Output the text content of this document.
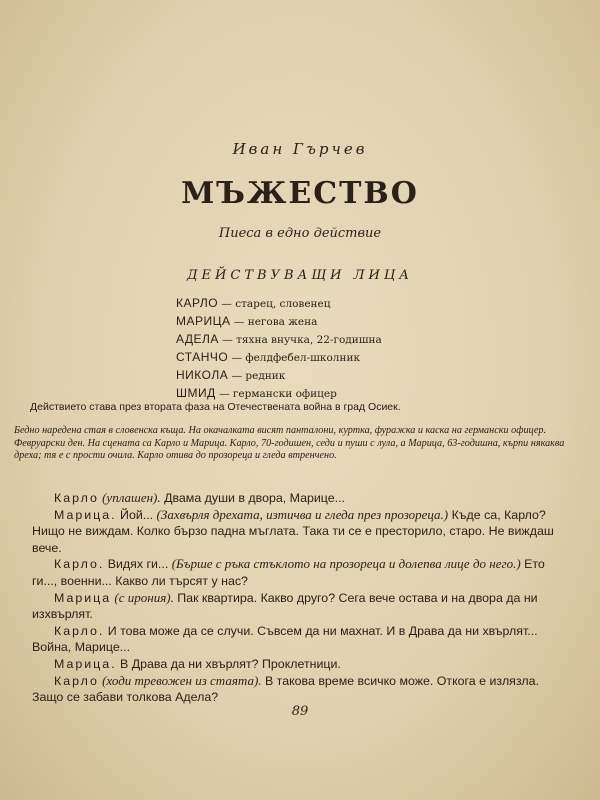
Иван Гърчев
МЪЖЕСТВО
Пиеса в едно действие
ДЕЙСТВУВАЩИ ЛИЦА
КАРЛО — старец, словенец
МАРИЦА — негова жена
АДЕЛА — тяхна внучка, 22-годишна
СТАНЧО — фелдфебел-школник
НИКОЛА — редник
ШМИД — германски офицер
Действието става през втората фаза на Отечествената война в град Осиек.
Бедно наредена стая в словенска къща. На окачалката висят панталони, куртка, фуражка и каска на германски офицер. Февруарски ден. На сцената са Карло и Марица. Карло, 70-годишен, седи и пуши с лула, а Марица, 63-годишна, кърпи някаква дреха; тя е с прости очила. Карло отива до прозореца и гледа втренчено.

Карло (уплашен). Двама души в двора, Марице...

Марица. Йой... (Захвърля дрехата, изтичва и гледа през прозореца.) Къде са, Карло? Нищо не виждам. Колко бързо падна мъглата. Така ти се е престорило, старо. Не виждаш вече.

Карло. Видях ги... (Бърше с ръка стъклото на прозореца и долепва лице до него.) Ето ги..., военни... Какво ли търсят у нас?

Марица (с ирония). Пак квартира. Какво друго? Сега вече остава и на двора да ни изхвърлят.

Карло. И това може да се случи. Съвсем да ни махнат. И в Драва да ни хвърлят... Война, Марице...

Марица. В Драва да ни хвърлят? Проклетници.

Карло (ходи тревожен из стаята). В такова време всичко може. Откога е излязла. Защо се забави толкова Адела?

89
